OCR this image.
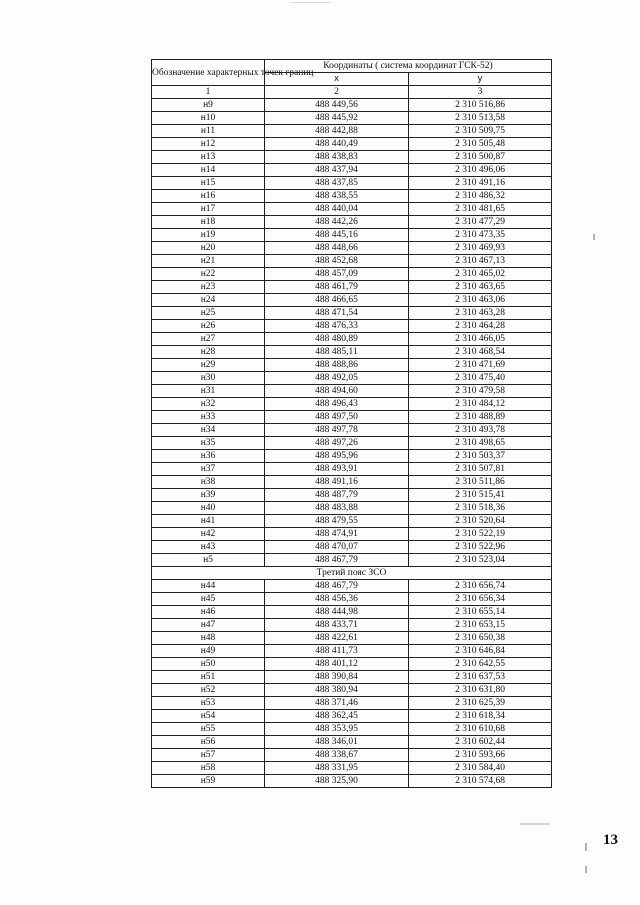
Обозначение характерных точек границ	Координаты ( система координат ГСК-52)	
	х	у
1	2	3
н9	488 449,56	2 310 516,86
н10	488 445,92	2 310 513,58
н11	488 442,88	2 310 509,75
н12	488 440,49	2 310 505,48
н13	488 438,83	2 310 500,87
н14	488 437,94	2 310 496,06
н15	488 437,85	2 310 491,16
н16	488 438,55	2 310 486,32
н17	488 440,04	2 310 481,65
н18	488 442,26	2 310 477,29
н19	488 445,16	2 310 473,35
н20	488 448,66	2 310 469,93
н21	488 452,68	2 310 467,13
н22	488 457,09	2 310 465,02
н23	488 461,79	2 310 463,65
н24	488 466,65	2 310 463,06
н25	488 471,54	2 310 463,28
н26	488 476,33	2 310 464,28
н27	488 480,89	2 310 466,05
н28	488 485,11	2 310 468,54
н29	488 488,86	2 310 471,69
н30	488 492,05	2 310 475,40
н31	488 494,60	2 310 479,58
н32	488 496,43	2 310 484,12
н33	488 497,50	2 310 488,89
н34	488 497,78	2 310 493,78
н35	488 497,26	2 310 498,65
н36	488 495,96	2 310 503,37
н37	488 493,91	2 310 507,81
н38	488 491,16	2 310 511,86
н39	488 487,79	2 310 515,41
н40	488 483,88	2 310 518,36
н41	488 479,55	2 310 520,64
н42	488 474,91	2 310 522,19
н43	488 470,07	2 310 522,96
н5	488 467,79	2 310 523,04
Третий пояс ЗСО		
н44	488 467,79	2 310 656,74
н45	488 456,36	2 310 656,34
н46	488 444,98	2 310 655,14
н47	488 433,71	2 310 653,15
н48	488 422,61	2 310 650,38
н49	488 411,73	2 310 646,84
н50	488 401,12	2 310 642,55
н51	488 390,84	2 310 637,53
н52	488 380,94	2 310 631,80
н53	488 371,46	2 310 625,39
н54	488 362,45	2 310 618,34
н55	488 353,95	2 310 610,68
н56	488 346,01	2 310 602,44
н57	488 338,67	2 310 593,66
н58	488 331,95	2 310 584,40
н59	488 325,90	2 310 574,68
13
